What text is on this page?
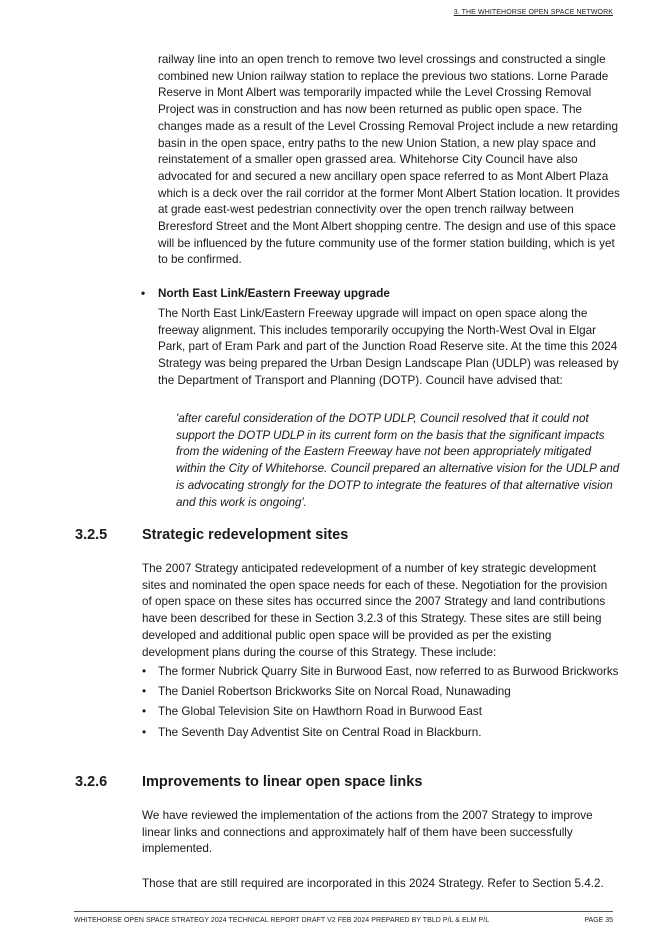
3. THE WHITEHORSE OPEN SPACE NETWORK

railway line into an open trench to remove two level crossings and constructed a single combined new Union railway station to replace the previous two stations. Lorne Parade Reserve in Mont Albert was temporarily impacted while the Level Crossing Removal Project was in construction and has now been returned as public open space. The changes made as a result of the Level Crossing Removal Project include a new retarding basin in the open space, entry paths to the new Union Station, a new play space and reinstatement of a smaller open grassed area. Whitehorse City Council have also advocated for and secured a new ancillary open space referred to as Mont Albert Plaza which is a deck over the rail corridor at the former Mont Albert Station location. It provides at grade east-west pedestrian connectivity over the open trench railway between Breresford Street and the Mont Albert shopping centre. The design and use of this space will be influenced by the future community use of the former station building, which is yet to be confirmed.

• North East Link/Eastern Freeway upgrade

The North East Link/Eastern Freeway upgrade will impact on open space along the freeway alignment. This includes temporarily occupying the North-West Oval in Elgar Park, part of Eram Park and part of the Junction Road Reserve site. At the time this 2024 Strategy was being prepared the Urban Design Landscape Plan (UDLP) was released by the Department of Transport and Planning (DOTP). Council have advised that:

'after careful consideration of the DOTP UDLP, Council resolved that it could not support the DOTP UDLP in its current form on the basis that the significant impacts from the widening of the Eastern Freeway have not been appropriately mitigated within the City of Whitehorse. Council prepared an alternative vision for the UDLP and is advocating strongly for the DOTP to integrate the features of that alternative vision and this work is ongoing'.

3.2.5 Strategic redevelopment sites

The 2007 Strategy anticipated redevelopment of a number of key strategic development sites and nominated the open space needs for each of these. Negotiation for the provision of open space on these sites has occurred since the 2007 Strategy and land contributions have been described for these in Section 3.2.3 of this Strategy. These sites are still being developed and additional public open space will be provided as per the existing development plans during the course of this Strategy. These include:

• The former Nubrick Quarry Site in Burwood East, now referred to as Burwood Brickworks
• The Daniel Robertson Brickworks Site on Norcal Road, Nunawading
• The Global Television Site on Hawthorn Road in Burwood East
• The Seventh Day Adventist Site on Central Road in Blackburn.
3.2.6 Improvements to linear open space links

We have reviewed the implementation of the actions from the 2007 Strategy to improve linear links and connections and approximately half of them have been successfully implemented.

Those that are still required are incorporated in this 2024 Strategy. Refer to Section 5.4.2.

WHITEHORSE OPEN SPACE STRATEGY 2024 TECHNICAL REPORT DRAFT V2 FEB 2024 PREPARED BY TBLD P/L & ELM P/L	PAGE 35
